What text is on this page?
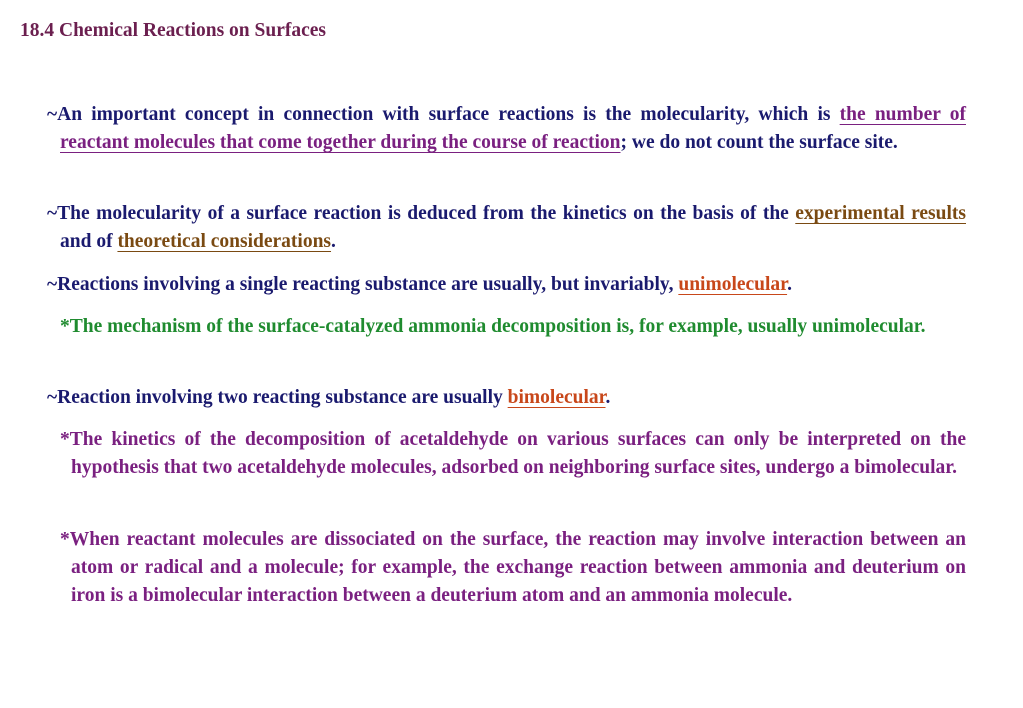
18.4 Chemical Reactions on Surfaces

~An important concept in connection with surface reactions is the molecularity, which is the number of reactant molecules that come together during the course of reaction; we do not count the surface site.

~The molecularity of a surface reaction is deduced from the kinetics on the basis of the experimental results and of theoretical considerations.

~Reactions involving a single reacting substance are usually, but invariably, unimolecular.

*The mechanism of the surface-catalyzed ammonia decomposition is, for example, usually unimolecular.

~Reaction involving two reacting substance are usually bimolecular.

*The kinetics of the decomposition of acetaldehyde on various surfaces can only be interpreted on the hypothesis that two acetaldehyde molecules, adsorbed on neighboring surface sites, undergo a bimolecular.

*When reactant molecules are dissociated on the surface, the reaction may involve interaction between an atom or radical and a molecule; for example, the exchange reaction between ammonia and deuterium on iron is a bimolecular interaction between a deuterium atom and an ammonia molecule.
